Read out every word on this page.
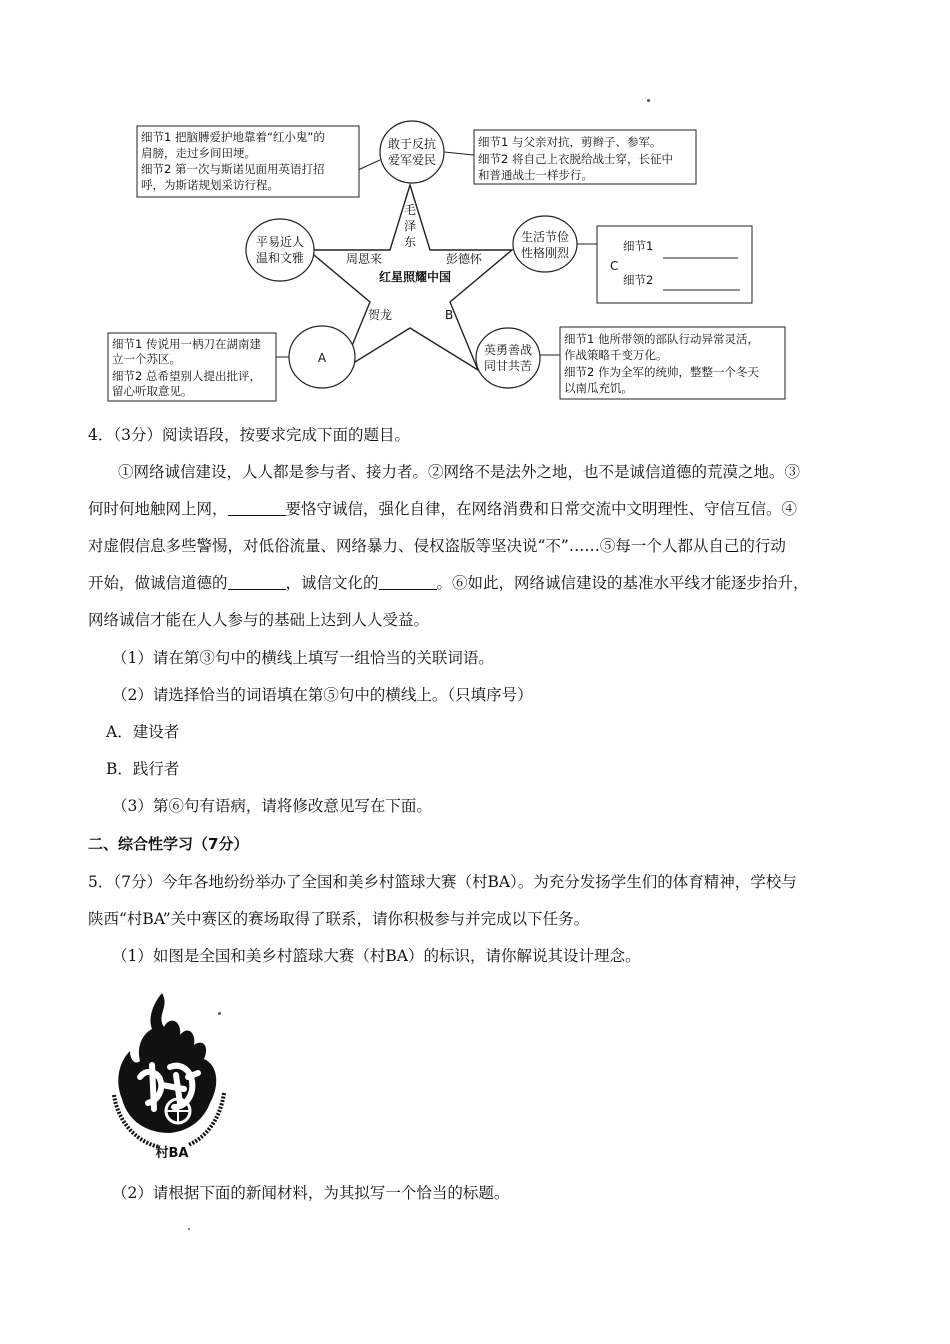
毛
泽
东
周恩来	彭德怀
红星照耀中国
贺龙	B
敢于反抗
爱军爱民
平易近人
温和文雅
生活节俭
性格刚烈
A
英勇善战
同甘共苦
细节1 把脑膊爱护地靠着“红小鬼”的
肩膀，走过乡间田埂。
细节2 第一次与斯诺见面用英语打招
呼，为斯诺规划采访行程。
细节1 与父亲对抗，剪辫子、参军。
细节2 将自己上衣脱给战士穿，长征中
和普通战士一样步行。
C
细节1
细节2
细节1 传说用一柄刀在湖南建
立一个苏区。
细节2 总希望别人提出批评，
留心听取意见。
细节1 他所带领的部队行动异常灵活，
作战策略千变万化。
细节2 作为全军的统帅，整整一个冬天
以南瓜充饥。
4．（3分）阅读语段，按要求完成下面的题目。
①网络诚信建设，人人都是参与者、接力者。②网络不是法外之地，也不是诚信道德的荒漠之地。③
何时何地触网上网，	要恪守诚信，强化自律，在网络消费和日常交流中文明理性、守信互信。④
对虚假信息多些警惕，对低俗流量、网络暴力、侵权盗版等坚决说“不”……⑤每一个人都从自己的行动
开始，做诚信道德的	，诚信文化的	。⑥如此，网络诚信建设的基准水平线才能逐步抬升，
网络诚信才能在人人参与的基础上达到人人受益。
（1）请在第③句中的横线上填写一组恰当的关联词语。
（2）请选择恰当的词语填在第⑤句中的横线上。（只填序号）
A．建设者
B．践行者
（3）第⑥句有语病，请将修改意见写在下面。
二、综合性学习（7分）
5．（7分）今年各地纷纷举办了全国和美乡村篮球大赛（村BA）。为充分发扬学生们的体育精神，学校与
陕西“村BA”关中赛区的赛场取得了联系，请你积极参与并完成以下任务。
（1）如图是全国和美乡村篮球大赛（村BA）的标识，请你解说其设计理念。
村BA
（2）请根据下面的新闻材料，为其拟写一个恰当的标题。
